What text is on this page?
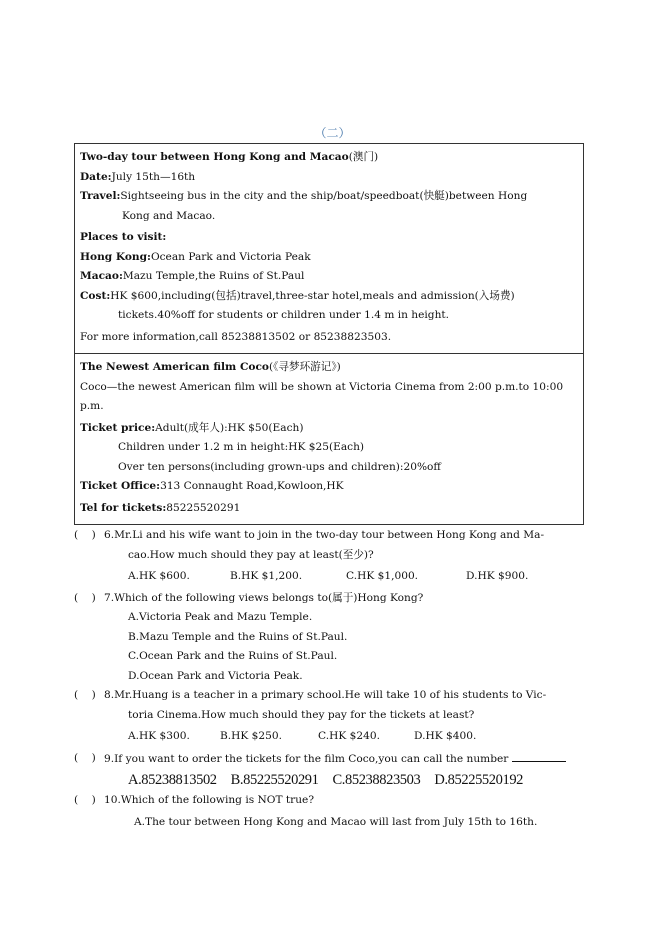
（二）
Two-day tour between Hong Kong and Macao(澳门)
Date:July 15th—16th
Travel:Sightseeing bus in the city and the ship/boat/speedboat(快艇)between Hong
Kong and Macao.
Places to visit:
Hong Kong:Ocean Park and Victoria Peak
Macao:Mazu Temple,the Ruins of St.Paul
Cost:HK $600,including(包括)travel,three-star hotel,meals and admission(入场费)
tickets.40%off for students or children under 1.4 m in height.
For more information,call 85238813502 or 85238823503.
The Newest American film Coco(《寻梦环游记》)
Coco—the newest American film will be shown at Victoria Cinema from 2:00 p.m.to 10:00 p.m.
Ticket price:Adult(成年人):HK $50(Each)
Children under 1.2 m in height:HK $25(Each)
Over ten persons(including grown-ups and children):20%off
Ticket Office:313 Connaught Road,Kowloon,HK
Tel for tickets:85225520291
(    ) 6.Mr.Li and his wife want to join in the two-day tour between Hong Kong and Ma-
cao.How much should they pay at least(至少)?
A.HK $600.	B.HK $1,200.	C.HK $1,000.	D.HK $900.
(    ) 7.Which of the following views belongs to(属于)Hong Kong?
A.Victoria Peak and Mazu Temple.
B.Mazu Temple and the Ruins of St.Paul.
C.Ocean Park and the Ruins of St.Paul.
D.Ocean Park and Victoria Peak.
(    ) 8.Mr.Huang is a teacher in a primary school.He will take 10 of his students to Vic-
toria Cinema.How much should they pay for the tickets at least?
A.HK $300.	B.HK $250.	C.HK $240.	D.HK $400.
(    ) 9.If you want to order the tickets for the film Coco,you can call the number
A.85238813502 B.85225520291 C.85238823503 D.85225520192
(    ) 10.Which of the following is NOT true?
A.The tour between Hong Kong and Macao will last from July 15th to 16th.
